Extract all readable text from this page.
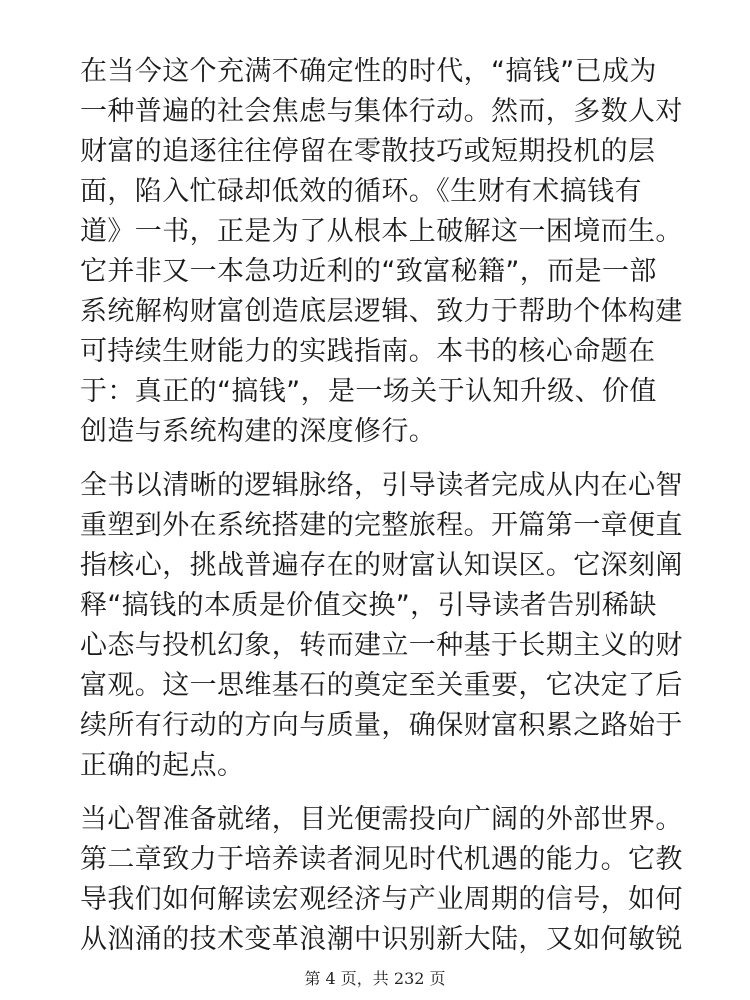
在当今这个充满不确定性的时代，“搞钱”已成为
一种普遍的社会焦虑与集体行动。然而，多数人对
财富的追逐往往停留在零散技巧或短期投机的层
面，陷入忙碌却低效的循环。《生财有术搞钱有
道》一书，正是为了从根本上破解这一困境而生。
它并非又一本急功近利的“致富秘籍”，而是一部
系统解构财富创造底层逻辑、致力于帮助个体构建
可持续生财能力的实践指南。本书的核心命题在
于：真正的“搞钱”，是一场关于认知升级、价值
创造与系统构建的深度修行。

全书以清晰的逻辑脉络，引导读者完成从内在心智
重塑到外在系统搭建的完整旅程。开篇第一章便直
指核心，挑战普遍存在的财富认知误区。它深刻阐
释“搞钱的本质是价值交换”，引导读者告别稀缺
心态与投机幻象，转而建立一种基于长期主义的财
富观。这一思维基石的奠定至关重要，它决定了后
续所有行动的方向与质量，确保财富积累之路始于
正确的起点。

当心智准备就绪，目光便需投向广阔的外部世界。
第二章致力于培养读者洞见时代机遇的能力。它教
导我们如何解读宏观经济与产业周期的信号，如何
从汹涌的技术变革浪潮中识别新大陆，又如何敏锐

第 4 页，共 232 页
